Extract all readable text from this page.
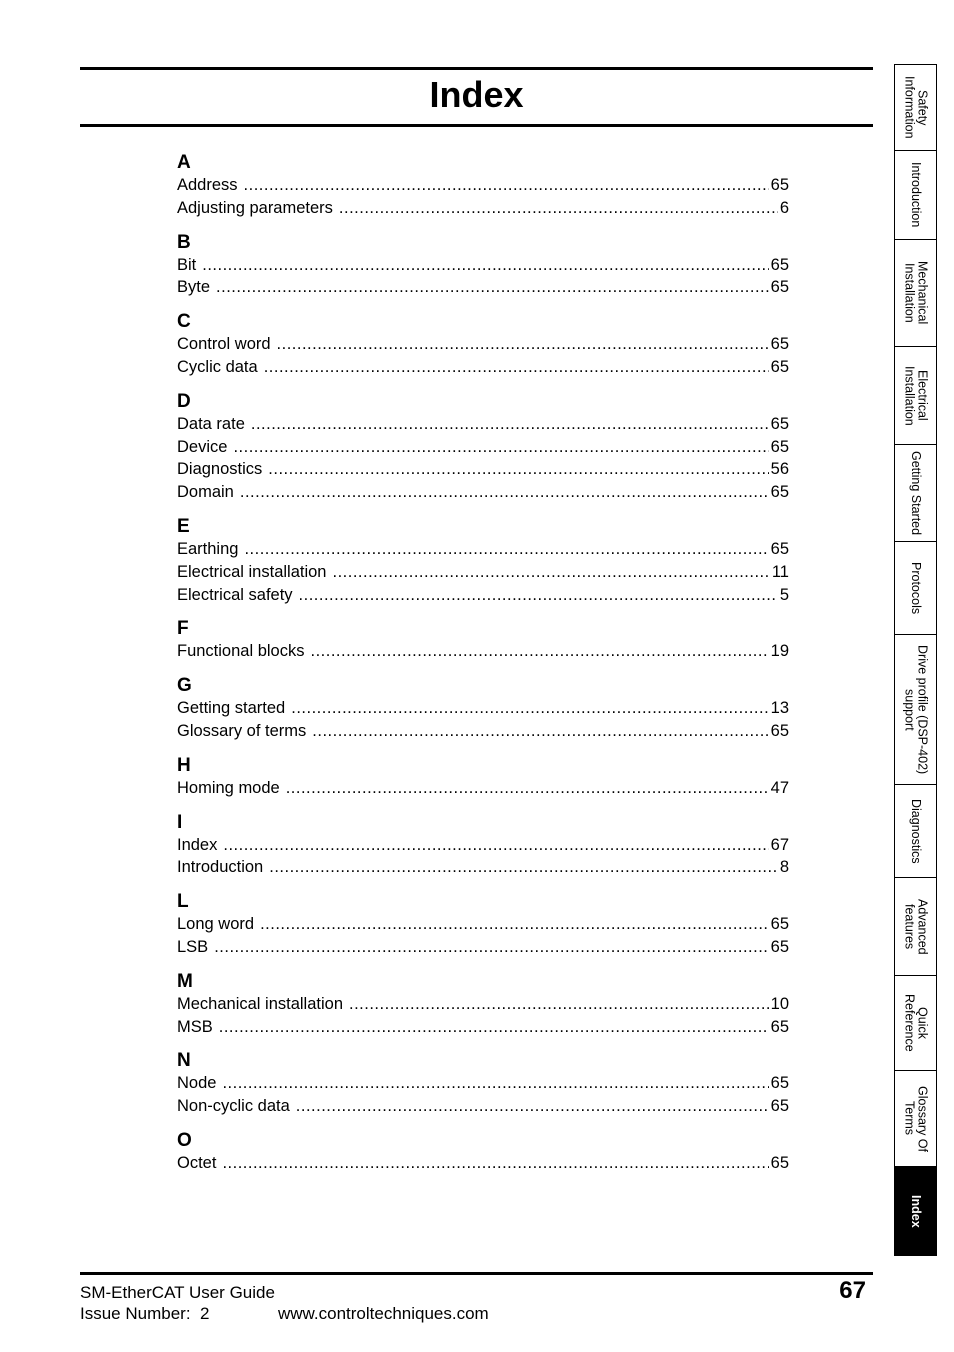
Index
A
Address .....	65
Adjusting parameters .....	6
B
Bit .....	65
Byte .....	65
C
Control word .....	65
Cyclic data .....	65
D
Data rate .....	65
Device .....	65
Diagnostics .....	56
Domain .....	65
E
Earthing .....	65
Electrical installation .....	11
Electrical safety .....	5
F
Functional blocks .....	19
G
Getting started .....	13
Glossary of terms .....	65
H
Homing mode .....	47
I
Index .....	67
Introduction .....	8
L
Long word .....	65
LSB .....	65
M
Mechanical installation .....	10
MSB .....	65
N
Node .....	65
Non-cyclic data .....	65
O
Octet .....	65
Safety
Information
Introduction
Mechanical
Installation
Electrical
Installation
Getting Started
Protocols
Drive profile (DSP-402)
support
Diagnostics
Advanced
features
Quick
Reference
Glossary Of
Terms
Index
SM-EtherCAT User Guide
Issue Number:  2	www.controltechniques.com
67
